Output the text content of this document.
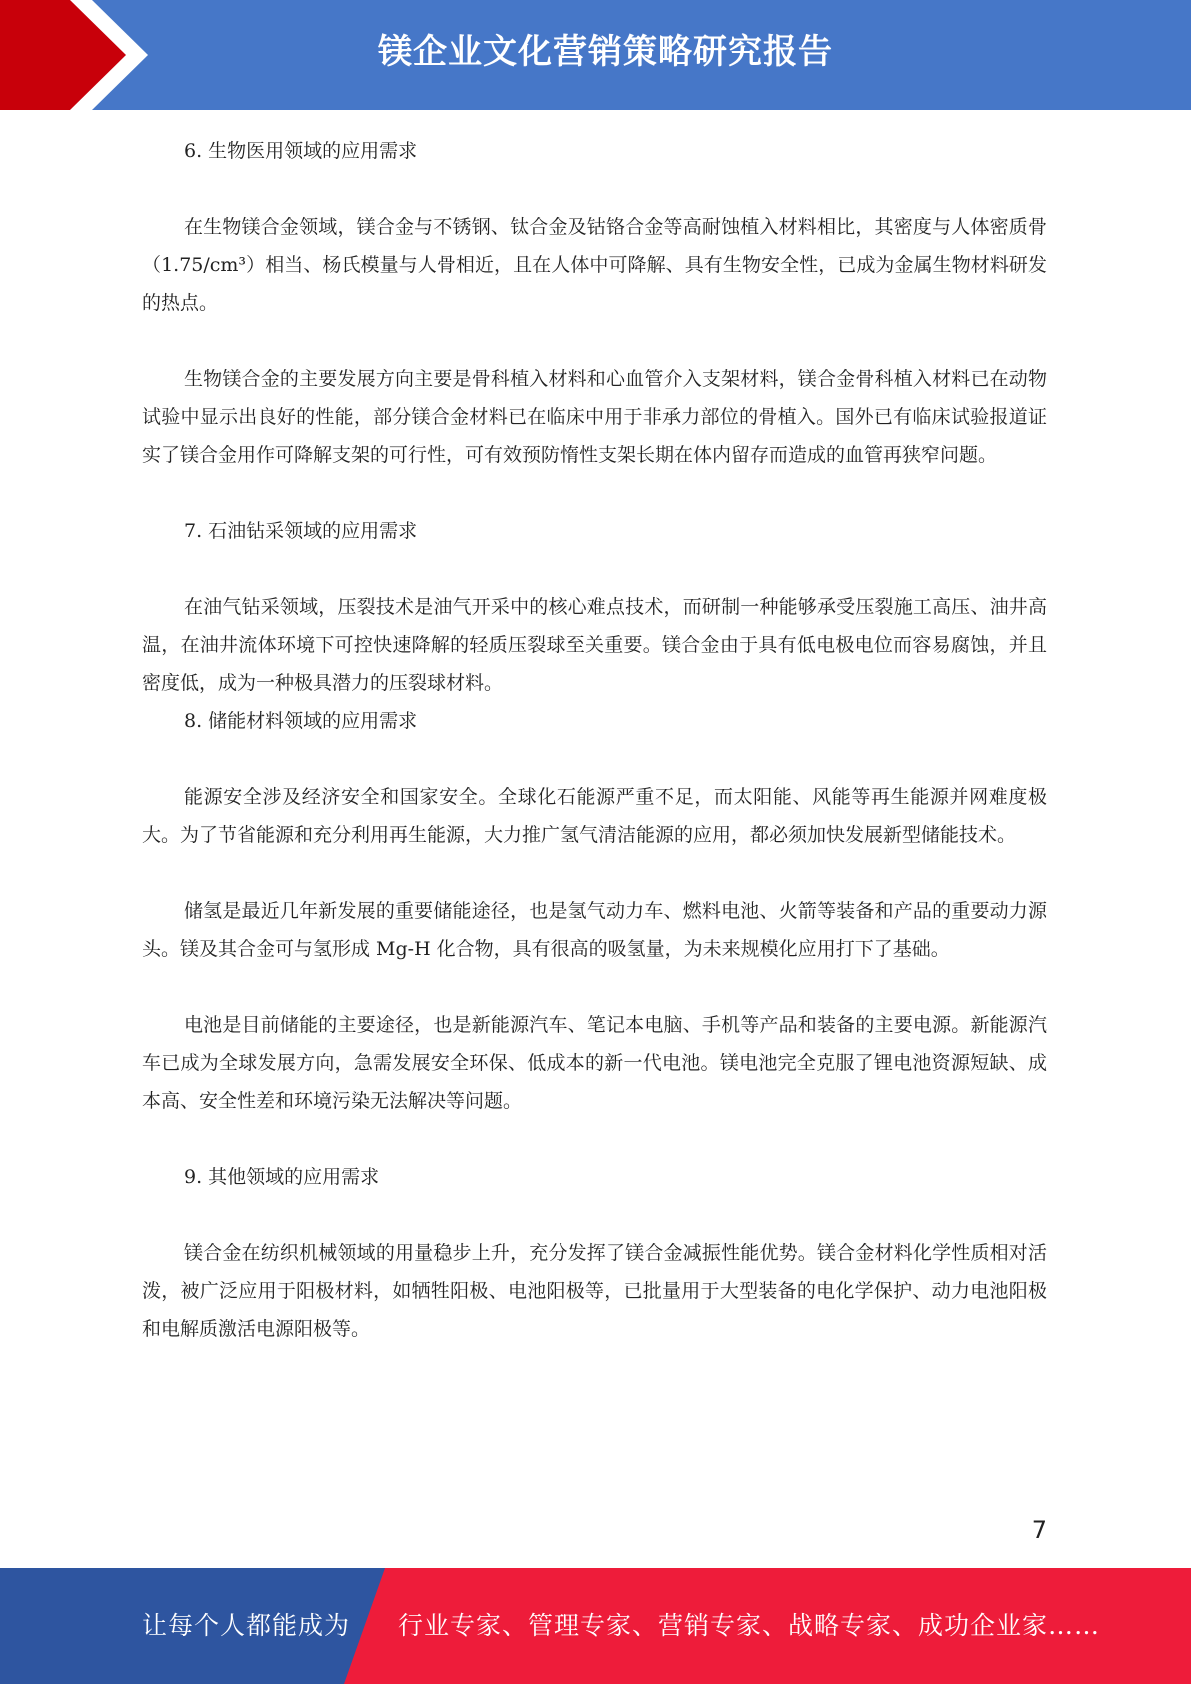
镁企业文化营销策略研究报告

6. 生物医用领域的应用需求

在生物镁合金领域，镁合金与不锈钢、钛合金及钴铬合金等高耐蚀植入材料相比，其密度与人体密质骨（1.75/cm³）相当、杨氏模量与人骨相近，且在人体中可降解、具有生物安全性，已成为金属生物材料研发的热点。

生物镁合金的主要发展方向主要是骨科植入材料和心血管介入支架材料，镁合金骨科植入材料已在动物试验中显示出良好的性能，部分镁合金材料已在临床中用于非承力部位的骨植入。国外已有临床试验报道证实了镁合金用作可降解支架的可行性，可有效预防惰性支架长期在体内留存而造成的血管再狭窄问题。

7. 石油钻采领域的应用需求

在油气钻采领域，压裂技术是油气开采中的核心难点技术，而研制一种能够承受压裂施工高压、油井高温，在油井流体环境下可控快速降解的轻质压裂球至关重要。镁合金由于具有低电极电位而容易腐蚀，并且密度低，成为一种极具潜力的压裂球材料。

8. 储能材料领域的应用需求

能源安全涉及经济安全和国家安全。全球化石能源严重不足，而太阳能、风能等再生能源并网难度极大。为了节省能源和充分利用再生能源，大力推广氢气清洁能源的应用，都必须加快发展新型储能技术。

储氢是最近几年新发展的重要储能途径，也是氢气动力车、燃料电池、火箭等装备和产品的重要动力源头。镁及其合金可与氢形成 Mg-H 化合物，具有很高的吸氢量，为未来规模化应用打下了基础。

电池是目前储能的主要途径，也是新能源汽车、笔记本电脑、手机等产品和装备的主要电源。新能源汽车已成为全球发展方向，急需发展安全环保、低成本的新一代电池。镁电池完全克服了锂电池资源短缺、成本高、安全性差和环境污染无法解决等问题。

9. 其他领域的应用需求

镁合金在纺织机械领域的用量稳步上升，充分发挥了镁合金减振性能优势。镁合金材料化学性质相对活泼，被广泛应用于阳极材料，如牺牲阳极、电池阳极等，已批量用于大型装备的电化学保护、动力电池阳极和电解质激活电源阳极等。

7
让每个人都能成为 行业专家、管理专家、营销专家、战略专家、成功企业家……
